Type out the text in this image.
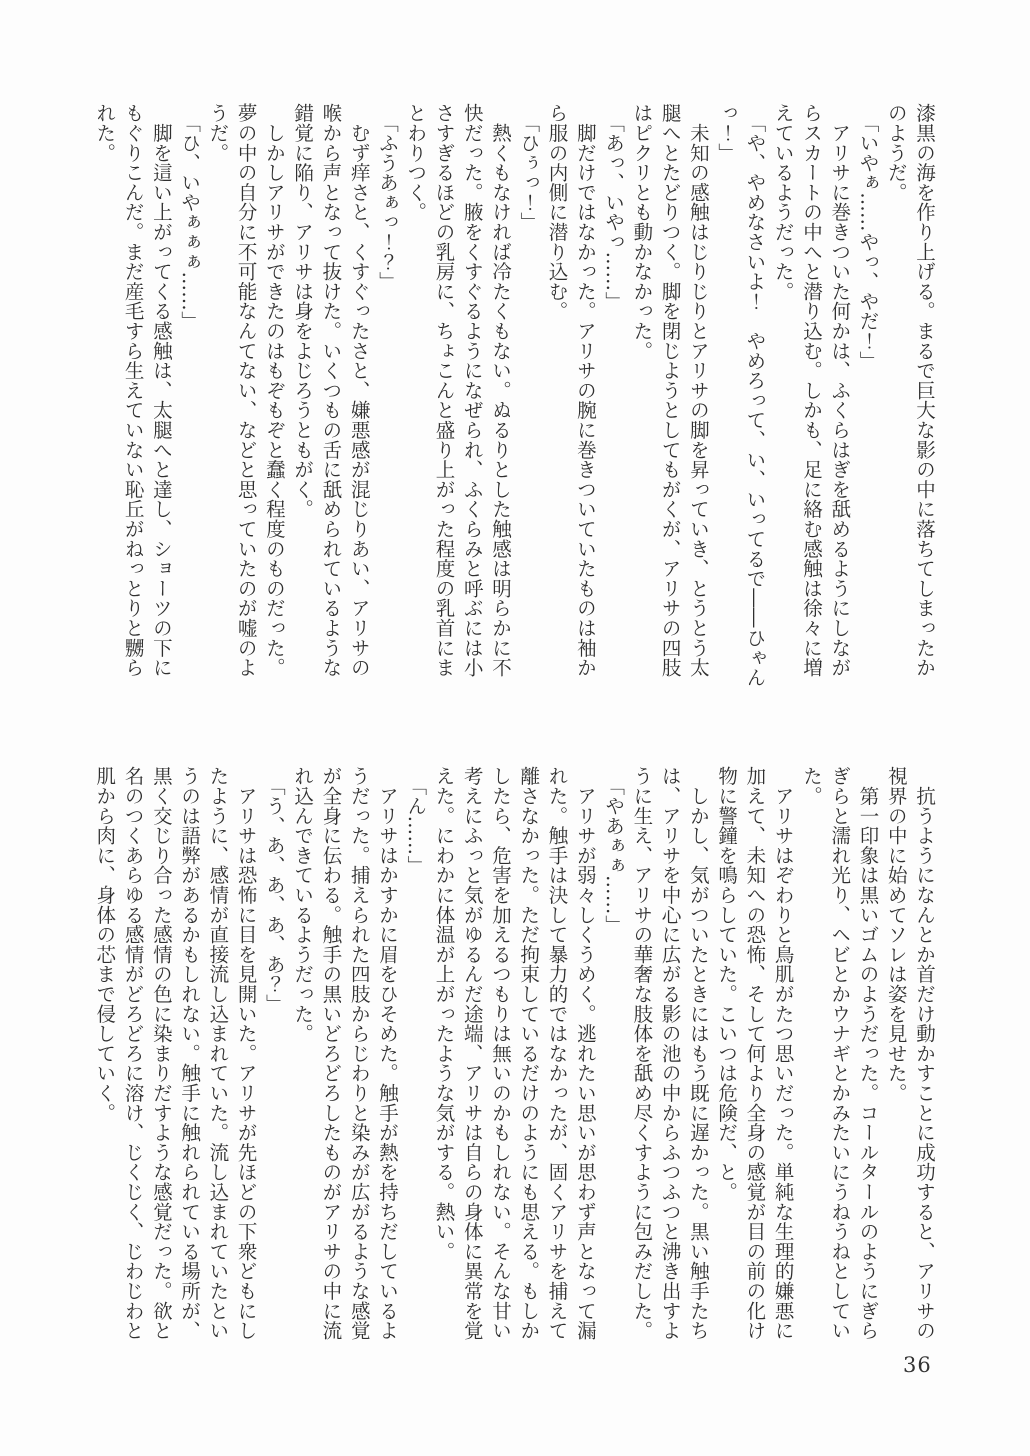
漆黒の海を作り上げる。まるで巨大な影の中に落ちてしまったか
のようだ。
　「いやぁ……やっ、やだ！」
　アリサに巻きついた何かは、ふくらはぎを舐めるようにしなが
らスカートの中へと潜り込む。しかも、足に絡む感触は徐々に増
えているようだった。
　「や、やめなさいよ！　やめろって、い、いってるで――ひゃん
っ！」
　未知の感触はじりじりとアリサの脚を昇っていき、とうとう太
腿へとたどりつく。脚を閉じようとしてもがくが、アリサの四肢
はピクリとも動かなかった。
　「あっ、いやっ……」
　脚だけではなかった。アリサの腕に巻きついていたものは袖か
ら服の内側に潜り込む。
　「ひぅっ！」
　熱くもなければ冷たくもない。ぬるりとした触感は明らかに不
快だった。腋をくすぐるようになぜられ、ふくらみと呼ぶには小
さすぎるほどの乳房に、ちょこんと盛り上がった程度の乳首にま
とわりつく。
　「ふうあぁっ！？」
　むず痒さと、くすぐったさと、嫌悪感が混じりあい、アリサの
喉から声となって抜けた。いくつもの舌に舐められているような
錯覚に陥り、アリサは身をよじろうともがく。
　しかしアリサができたのはもぞもぞと蠢く程度のものだった。
夢の中の自分に不可能なんてない、などと思っていたのが嘘のよ
うだ。
　「ひ、いやぁぁぁ……」
　脚を這い上がってくる感触は、太腿へと達し、ショーツの下に
もぐりこんだ。まだ産毛すら生えていない恥丘がねっとりと嬲ら
れた。
　抗うようになんとか首だけ動かすことに成功すると、アリサの
視界の中に始めてソレは姿を見せた。
　第一印象は黒いゴムのようだった。コールタールのようにぎら
ぎらと濡れ光り、ヘビとかウナギとかみたいにうねうねとしてい
た。
　アリサはぞわりと鳥肌がたつ思いだった。単純な生理的嫌悪に
加えて、未知への恐怖、そして何より全身の感覚が目の前の化け
物に警鐘を鳴らしていた。こいつは危険だ、と。
　しかし、気がついたときにはもう既に遅かった。黒い触手たち
は、アリサを中心に広がる影の池の中からふつふつと沸き出すよ
うに生え、アリサの華奢な肢体を舐め尽くすように包みだした。
　「やあぁぁ……」
　アリサが弱々しくうめく。逃れたい思いが思わず声となって漏
れた。触手は決して暴力的ではなかったが、固くアリサを捕えて
離さなかった。ただ拘束しているだけのようにも思える。もしか
したら、危害を加えるつもりは無いのかもしれない。そんな甘い
考えにふっと気がゆるんだ途端、アリサは自らの身体に異常を覚
えた。にわかに体温が上がったような気がする。熱い。
　「ん……」
　アリサはかすかに眉をひそめた。触手が熱を持ちだしているよ
うだった。捕えられた四肢からじわりと染みが広がるような感覚
が全身に伝わる。触手の黒いどろどろしたものがアリサの中に流
れ込んできているようだった。
　「う、あ、あ、あ、あ？」
　アリサは恐怖に目を見開いた。アリサが先ほどの下衆どもにし
たように、感情が直接流し込まれていた。流し込まれていたとい
うのは語弊があるかもしれない。触手に触れられている場所が、
黒く交じり合った感情の色に染まりだすような感覚だった。欲と
名のつくあらゆる感情がどろどろに溶け、じくじく、じわじわと
肌から肉に、身体の芯まで侵していく。
36
